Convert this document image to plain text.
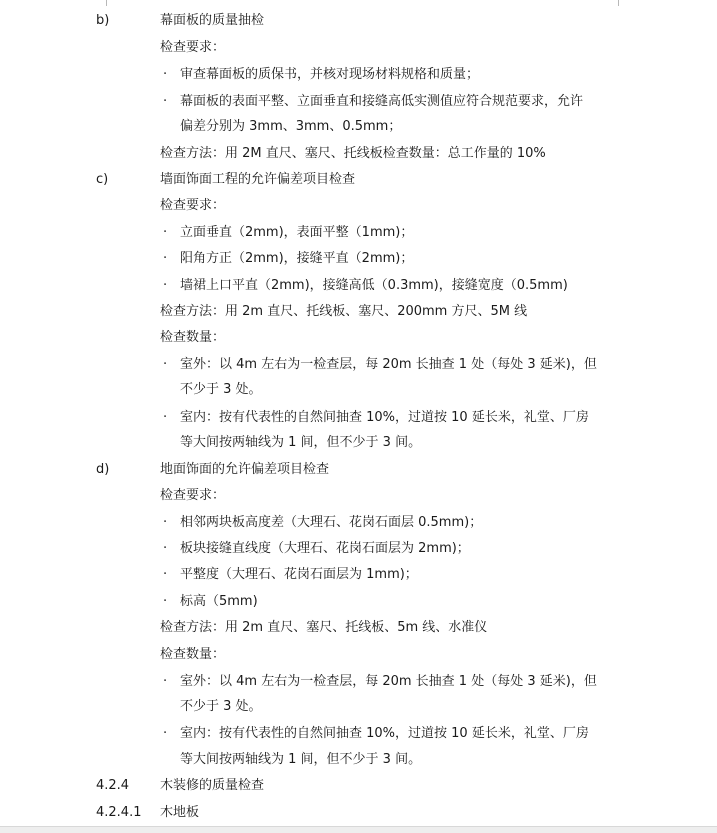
b)	幕面板的质量抽检
检查要求：
· 审查幕面板的质保书，并核对现场材料规格和质量；
· 幕面板的表面平整、立面垂直和接缝高低实测值应符合规范要求，允许
偏差分别为 3mm、3mm、0.5mm；
检查方法：用 2M 直尺、塞尺、托线板检查数量：总工作量的 10%
c)	墙面饰面工程的允许偏差项目检查
检查要求：
· 立面垂直（2mm)，表面平整（1mm)；
· 阳角方正（2mm)，接缝平直（2mm)；
· 墙裙上口平直（2mm)，接缝高低（0.3mm)，接缝宽度（0.5mm)
检查方法：用 2m 直尺、托线板、塞尺、200mm 方尺、5M 线
检查数量：
· 室外：以 4m 左右为一检查层，每 20m 长抽查 1 处（每处 3 延米)，但
不少于 3 处。
· 室内：按有代表性的自然间抽查 10%，过道按 10 延长米，礼堂、厂房
等大间按两轴线为 1 间，但不少于 3 间。
d)	地面饰面的允许偏差项目检查
检查要求：
· 相邻两块板高度差（大理石、花岗石面层 0.5mm)；
· 板块接缝直线度（大理石、花岗石面层为 2mm)；
· 平整度（大理石、花岗石面层为 1mm)；
· 标高（5mm)
检查方法：用 2m 直尺、塞尺、托线板、5m 线、水准仪
检查数量：
· 室外：以 4m 左右为一检查层，每 20m 长抽查 1 处（每处 3 延米)，但
不少于 3 处。
· 室内：按有代表性的自然间抽查 10%，过道按 10 延长米，礼堂、厂房
等大间按两轴线为 1 间，但不少于 3 间。
4.2.4 木装修的质量检查
4.2.4.1 木地板
